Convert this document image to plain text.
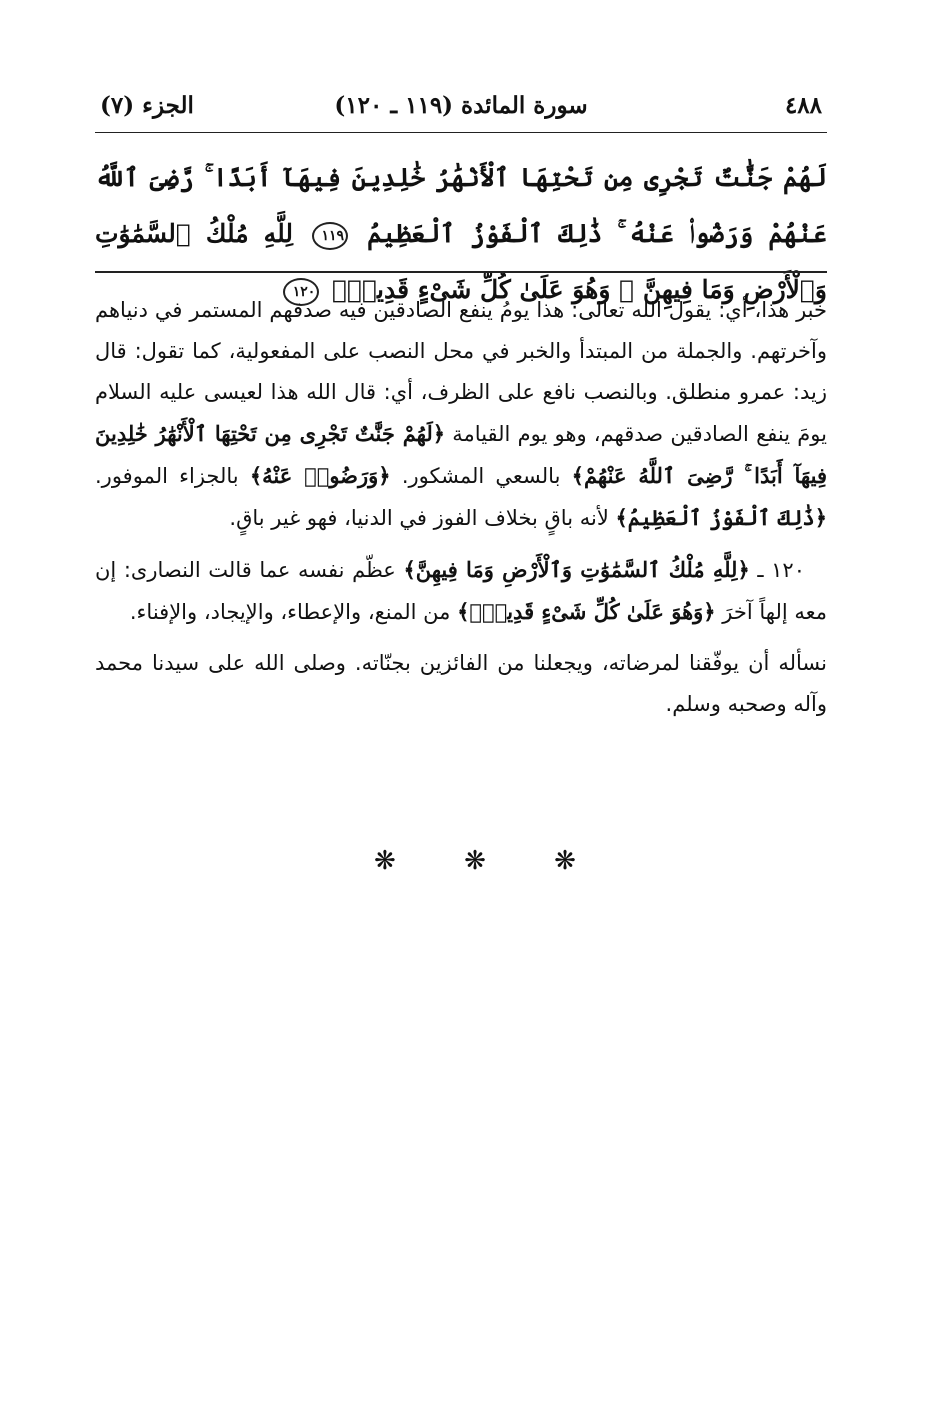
٤٨٨
سورة المائدة (١١٩ ـ ١٢٠)
الجزء (٧)
لَهُمْ جَنَّٰتٌ تَجْرِى مِن تَحْتِهَا ٱلْأَنْهَٰرُ خَٰلِدِينَ فِيهَآ أَبَدًا ۚ رَّضِىَ ٱللَّهُ عَنْهُمْ وَرَضُوا۟ عَنْهُ ۚ ذَٰلِكَ ٱلْفَوْزُ ٱلْعَظِيمُ ١١٩ لِلَّهِ مُلْكُ ٱلسَّمَٰوَٰتِ وَٱلْأَرْضِ وَمَا فِيهِنَّ ۚ وَهُوَ عَلَىٰ كُلِّ شَىْءٍ قَدِيرٌۢ ١٢٠

خبر هذا، أي: يقول الله تعالى: هذا يومُ ينفع الصادقين فيه صدقهم المستمر في دنياهم وآخرتهم. والجملة من المبتدأ والخبر في محل النصب على المفعولية، كما تقول: قال زيد: عمرو منطلق. وبالنصب نافع على الظرف، أي: قال الله هذا لعيسى عليه السلام يومَ ينفع الصادقين صدقهم، وهو يوم القيامة ﴿لَهُمْ جَنَّٰتٌ تَجْرِى مِن تَحْتِهَا ٱلْأَنْهَٰرُ خَٰلِدِينَ فِيهَآ أَبَدًا ۚ رَّضِىَ ٱللَّهُ عَنْهُمْ﴾ بالسعي المشكور. ﴿وَرَضُوا۟ عَنْهُ﴾ بالجزاء الموفور. ﴿ذَٰلِكَ ٱلْفَوْزُ ٱلْعَظِيمُ﴾ لأنه باقٍ بخلاف الفوز في الدنيا، فهو غير باقٍ.

١٢٠ ـ ﴿لِلَّهِ مُلْكُ ٱلسَّمَٰوَٰتِ وَٱلْأَرْضِ وَمَا فِيهِنَّ﴾ عظّم نفسه عما قالت النصارى: إن معه إلهاً آخرَ ﴿وَهُوَ عَلَىٰ كُلِّ شَىْءٍ قَدِيرٌۢ﴾ من المنع، والإعطاء، والإيجاد، والإفناء.

نسأله أن يوفّقنا لمرضاته، ويجعلنا من الفائزين بجنّاته. وصلى الله على سيدنا محمد وآله وصحبه وسلم.

❋	❋	❋
